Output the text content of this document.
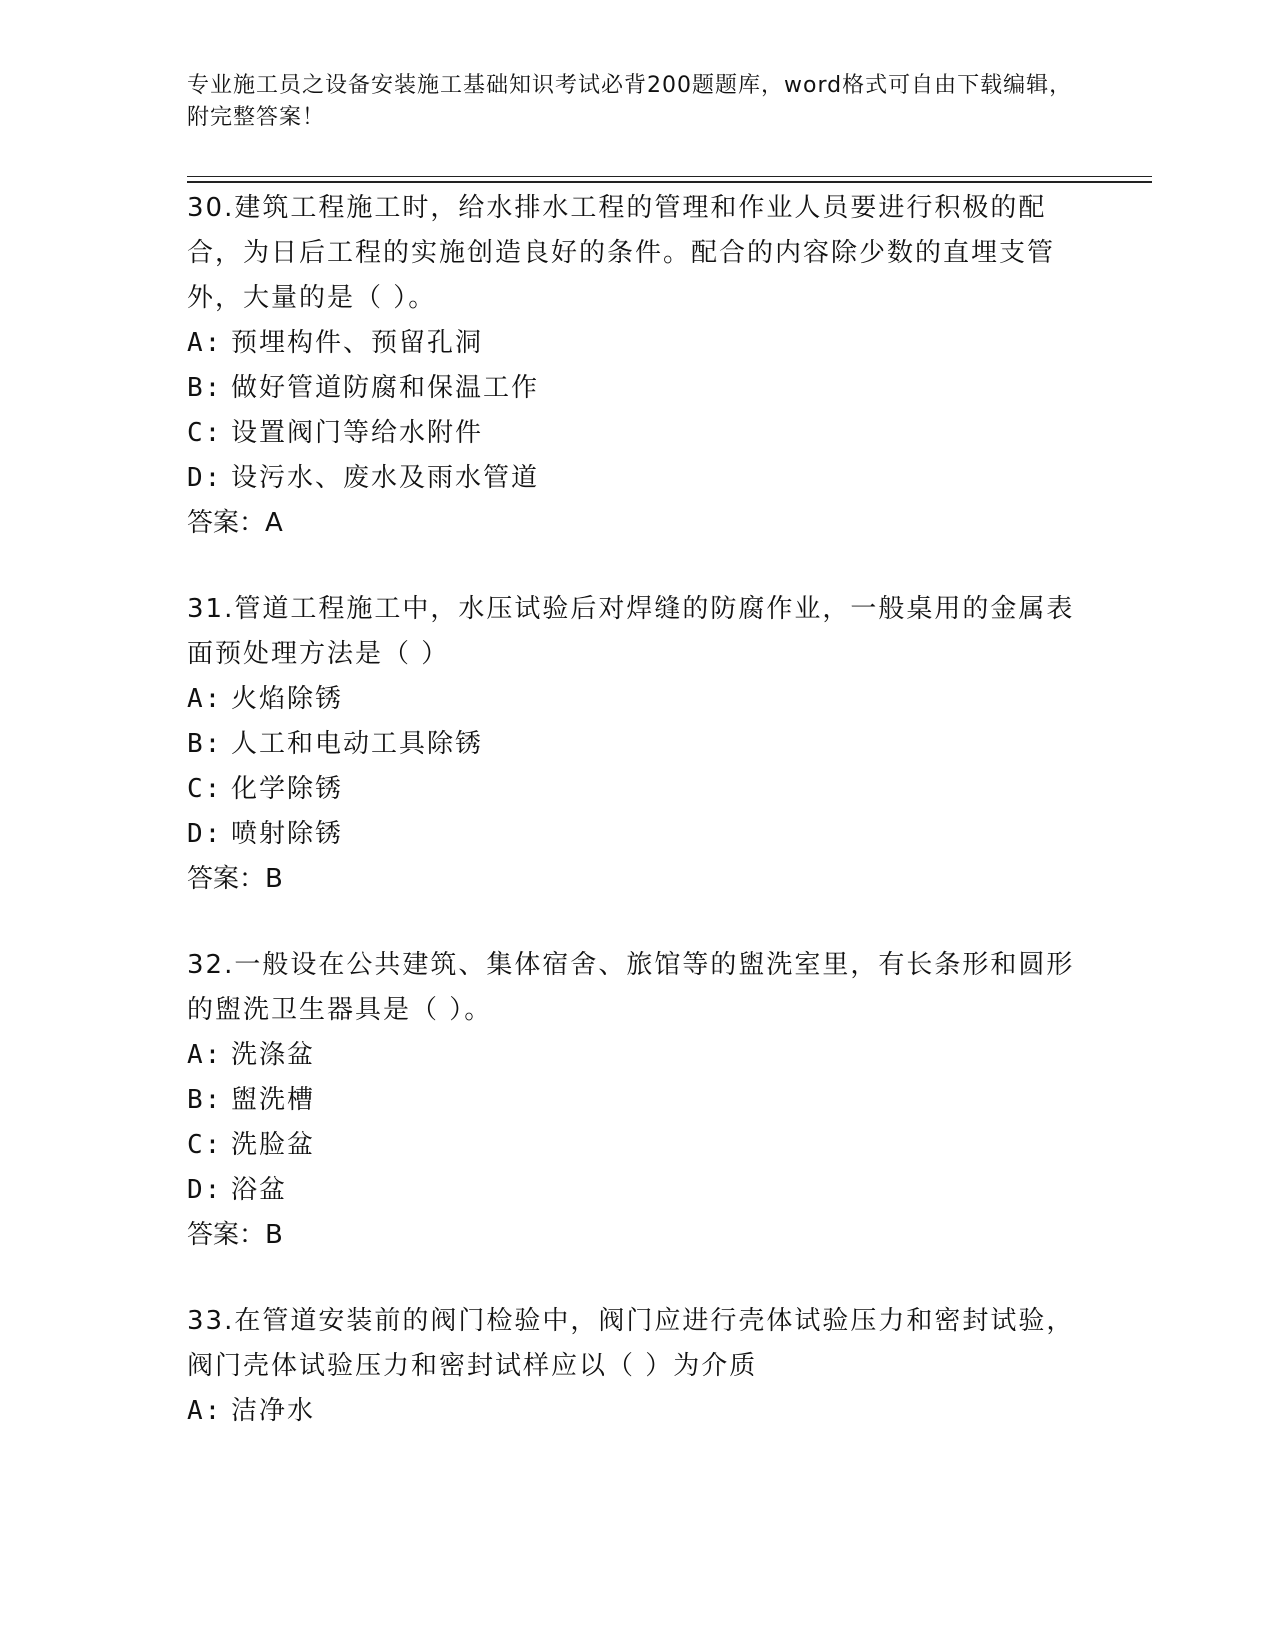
专业施工员之设备安装施工基础知识考试必背200题题库，word格式可自由下载编辑，附完整答案！

30.建筑工程施工时，给水排水工程的管理和作业人员要进行积极的配合，为日后工程的实施创造良好的条件。配合的内容除少数的直埋支管外，大量的是（ ）。

A: 预埋构件、预留孔洞

B: 做好管道防腐和保温工作

C: 设置阀门等给水附件

D: 设污水、废水及雨水管道

答案：A

31.管道工程施工中，水压试验后对焊缝的防腐作业，一般桌用的金属表面预处理方法是（ ）

A: 火焰除锈

B: 人工和电动工具除锈

C: 化学除锈

D: 喷射除锈

答案：B

32.一般设在公共建筑、集体宿舍、旅馆等的盥洗室里，有长条形和圆形的盥洗卫生器具是（ ）。

A: 洗涤盆

B: 盥洗槽

C: 洗脸盆

D: 浴盆

答案：B

33.在管道安装前的阀门检验中，阀门应进行壳体试验压力和密封试验，阀门壳体试验压力和密封试样应以（ ）为介质

A: 洁净水
